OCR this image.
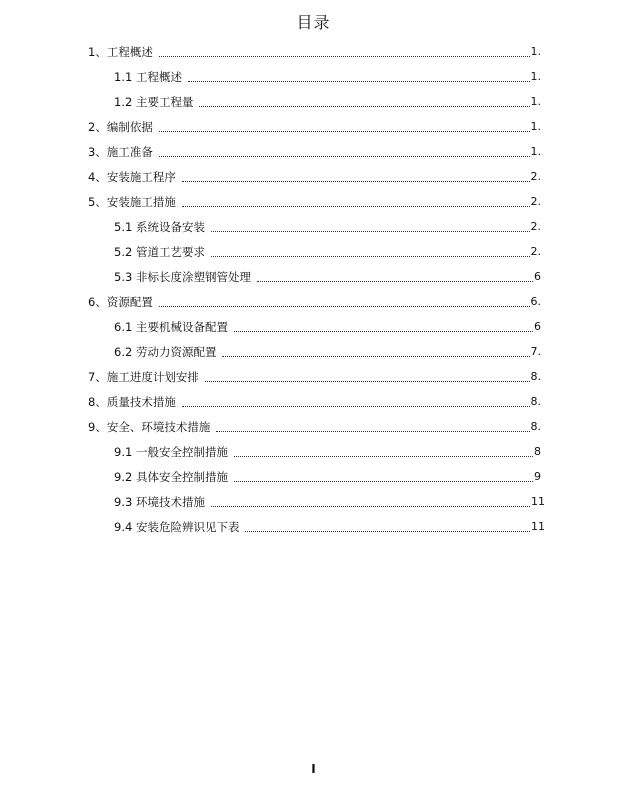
目录
1、工程概述	1.
1.1 工程概述	1.
1.2 主要工程量	1.
2、编制依据	1.
3、施工准备	1.
4、安装施工程序	2.
5、安装施工措施	2.
5.1 系统设备安装	2.
5.2 管道工艺要求	2.
5.3 非标长度涂塑钢管处理	6
6、资源配置	6.
6.1 主要机械设备配置	6
6.2 劳动力资源配置	7.
7、施工进度计划安排	8.
8、质量技术措施	8.
9、安全、环境技术措施	8.
9.1 一般安全控制措施	8
9.2 具体安全控制措施	9
9.3 环境技术措施	11
9.4 安装危险辨识见下表	11
I
